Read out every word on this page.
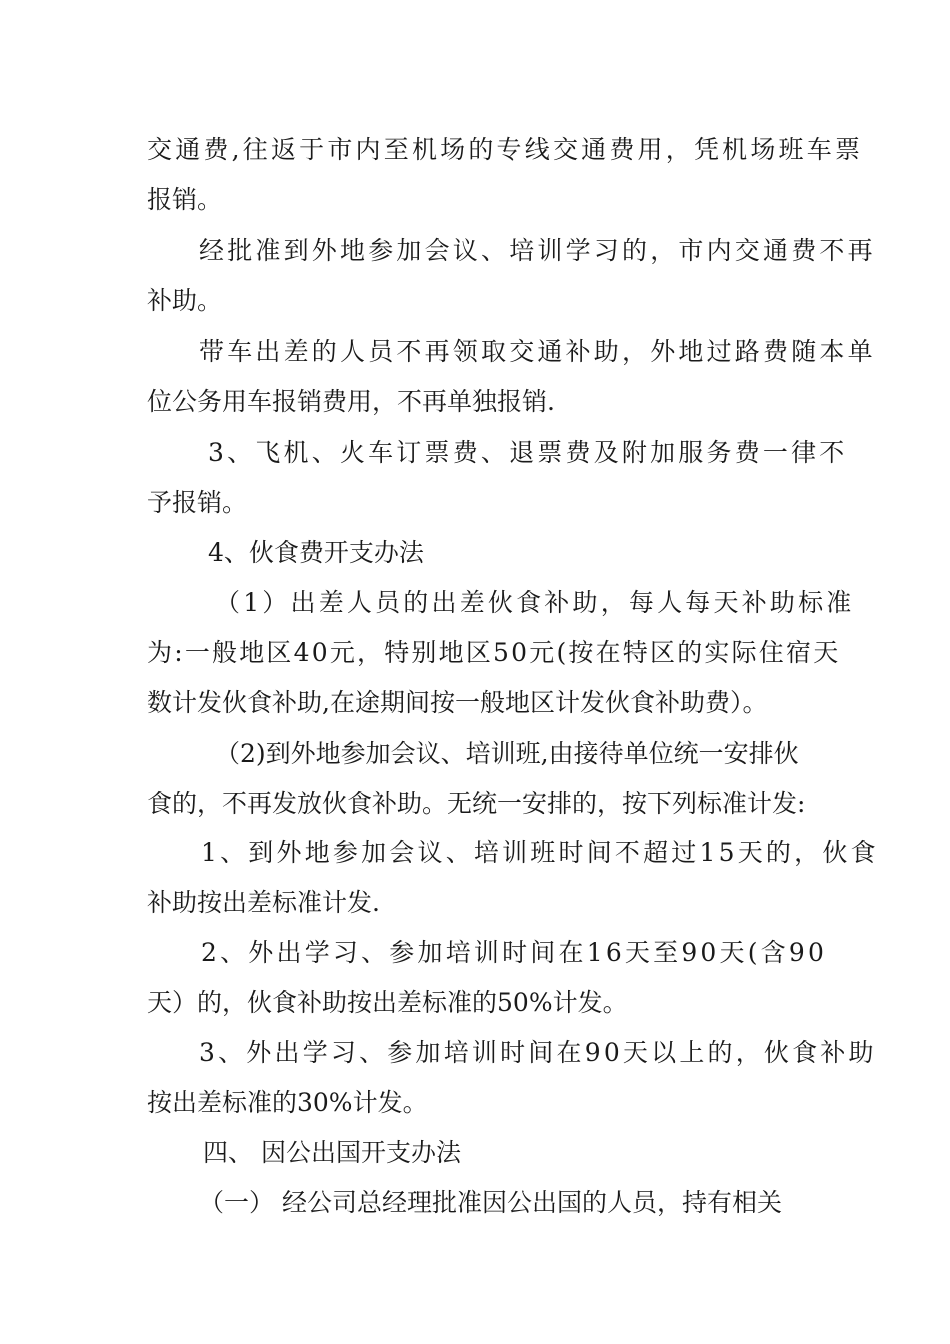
交通费,往返于市内至机场的专线交通费用，凭机场班车票
报销。
经批准到外地参加会议、培训学习的，市内交通费不再
补助。
带车出差的人员不再领取交通补助，外地过路费随本单
位公务用车报销费用，不再单独报销.
3、飞机、火车订票费、退票费及附加服务费一律不
予报销。
4、伙食费开支办法
（1）出差人员的出差伙食补助，每人每天补助标准
为:一般地区40元，特别地区50元(按在特区的实际住宿天
数计发伙食补助,在途期间按一般地区计发伙食补助费）。
（2)到外地参加会议、培训班,由接待单位统一安排伙
食的，不再发放伙食补助。无统一安排的，按下列标准计发:
1、到外地参加会议、培训班时间不超过15天的，伙食
补助按出差标准计发.
2、外出学习、参加培训时间在16天至90天(含90
天）的，伙食补助按出差标准的50%计发。
3、外出学习、参加培训时间在90天以上的，伙食补助
按出差标准的30%计发。
四、 因公出国开支办法
（一） 经公司总经理批准因公出国的人员，持有相关
